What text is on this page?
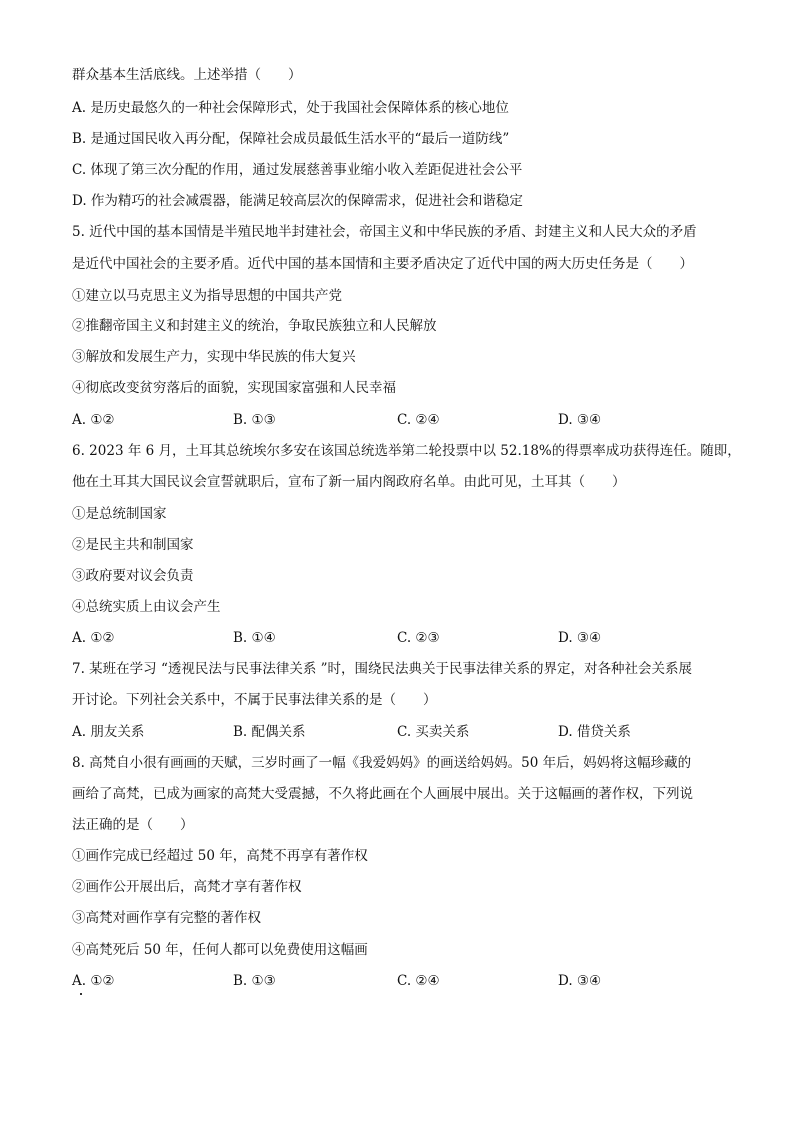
群众基本生活底线。上述举措（　　）
A. 是历史最悠久的一种社会保障形式，处于我国社会保障体系的核心地位
B. 是通过国民收入再分配，保障社会成员最低生活水平的“最后一道防线”
C. 体现了第三次分配的作用，通过发展慈善事业缩小收入差距促进社会公平
D. 作为精巧的社会减震器，能满足较高层次的保障需求，促进社会和谐稳定
5. 近代中国的基本国情是半殖民地半封建社会，帝国主义和中华民族的矛盾、封建主义和人民大众的矛盾
是近代中国社会的主要矛盾。近代中国的基本国情和主要矛盾决定了近代中国的两大历史任务是（　　）
①建立以马克思主义为指导思想的中国共产党
②推翻帝国主义和封建主义的统治，争取民族独立和人民解放
③解放和发展生产力，实现中华民族的伟大复兴
④彻底改变贫穷落后的面貌，实现国家富强和人民幸福
A. ①②	B. ①③	C. ②④	D. ③④
6. 2023 年 6 月，土耳其总统埃尔多安在该国总统选举第二轮投票中以 52.18%的得票率成功获得连任。随即，
他在土耳其大国民议会宣誓就职后，宣布了新一届内阁政府名单。由此可见，土耳其（　　）
①是总统制国家
②是民主共和制国家
③政府要对议会负责
④总统实质上由议会产生
A. ①②	B. ①④	C. ②③	D. ③④
7. 某班在学习 “透视民法与民事法律关系 ”时，围绕民法典关于民事法律关系的界定，对各种社会关系展
开讨论。下列社会关系中，不属于民事法律关系的是（　　）
A. 朋友关系	B. 配偶关系	C. 买卖关系	D. 借贷关系
8. 高梵自小很有画画的天赋，三岁时画了一幅《我爱妈妈》的画送给妈妈。50 年后，妈妈将这幅珍藏的
画给了高梵，已成为画家的高梵大受震撼，不久将此画在个人画展中展出。关于这幅画的著作权，下列说
法正确的是（　　）
①画作完成已经超过 50 年，高梵不再享有著作权
②画作公开展出后，高梵才享有著作权
③高梵对画作享有完整的著作权
④高梵死后 50 年，任何人都可以免费使用这幅画
A. ①②	B. ①③	C. ②④	D. ③④
